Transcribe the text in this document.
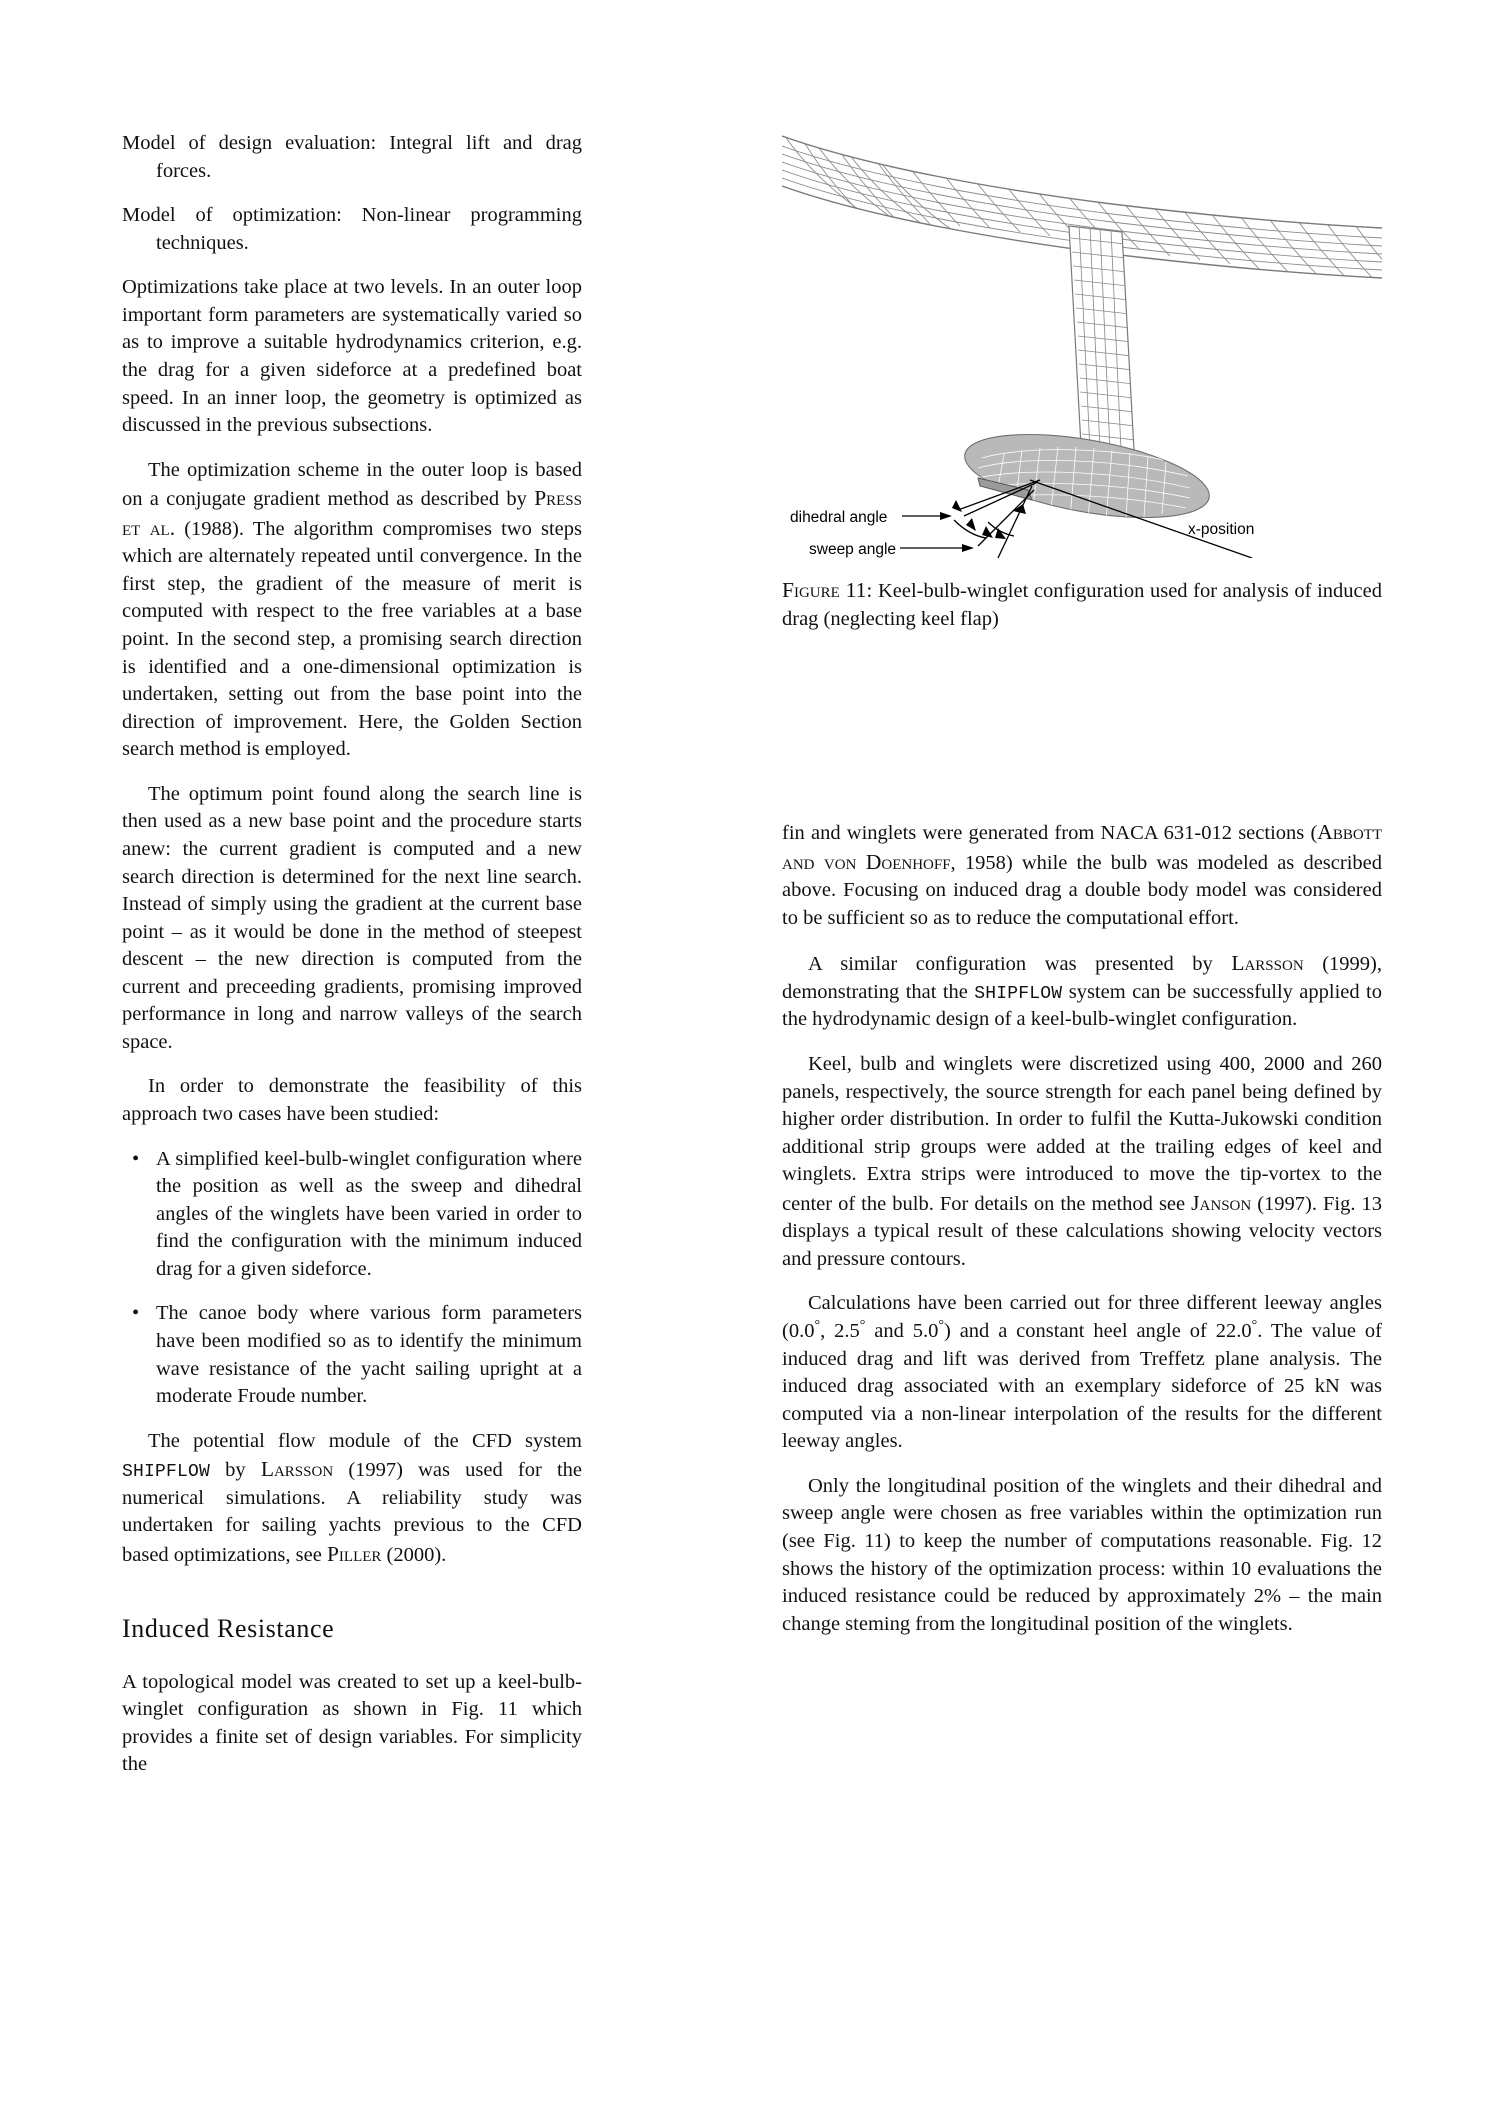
Model of design evaluation: Integral lift and drag forces.
Model of optimization: Non-linear programming techniques.

Optimizations take place at two levels. In an outer loop important form parameters are systematically varied so as to improve a suitable hydrodynamics criterion, e.g. the drag for a given sideforce at a predefined boat speed. In an inner loop, the geometry is optimized as discussed in the previous subsections.

The optimization scheme in the outer loop is based on a conjugate gradient method as described by Press et al. (1988). The algorithm compromises two steps which are alternately repeated until convergence. In the first step, the gradient of the measure of merit is computed with respect to the free variables at a base point. In the second step, a promising search direction is identified and a one-dimensional optimization is undertaken, setting out from the base point into the direction of improvement. Here, the Golden Section search method is employed.

The optimum point found along the search line is then used as a new base point and the procedure starts anew: the current gradient is computed and a new search direction is determined for the next line search. Instead of simply using the gradient at the current base point – as it would be done in the method of steepest descent – the new direction is computed from the current and preceeding gradients, promising improved performance in long and narrow valleys of the search space.

In order to demonstrate the feasibility of this approach two cases have been studied:

• A simplified keel-bulb-winglet configuration where the position as well as the sweep and dihedral angles of the winglets have been varied in order to find the configuration with the minimum induced drag for a given sideforce.
• The canoe body where various form parameters have been modified so as to identify the minimum wave resistance of the yacht sailing upright at a moderate Froude number.

The potential flow module of the CFD system SHIPFLOW by Larsson (1997) was used for the numerical simulations. A reliability study was undertaken for sailing yachts previous to the CFD based optimizations, see Piller (2000).

Induced Resistance

A topological model was created to set up a keel-bulb-winglet configuration as shown in Fig. 11 which provides a finite set of design variables. For simplicity the

dihedral angle
sweep angle
x-position
Figure 11: Keel-bulb-winglet configuration used for analysis of induced drag (neglecting keel flap)

fin and winglets were generated from NACA 631-012 sections (Abbott and von Doenhoff, 1958) while the bulb was modeled as described above. Focusing on induced drag a double body model was considered to be sufficient so as to reduce the computational effort.

A similar configuration was presented by Larsson (1999), demonstrating that the SHIPFLOW system can be successfully applied to the hydrodynamic design of a keel-bulb-winglet configuration.

Keel, bulb and winglets were discretized using 400, 2000 and 260 panels, respectively, the source strength for each panel being defined by higher order distribution. In order to fulfil the Kutta-Jukowski condition additional strip groups were added at the trailing edges of keel and winglets. Extra strips were introduced to move the tip-vortex to the center of the bulb. For details on the method see Janson (1997). Fig. 13 displays a typical result of these calculations showing velocity vectors and pressure contours.

Calculations have been carried out for three different leeway angles (0.0°, 2.5° and 5.0°) and a constant heel angle of 22.0°. The value of induced drag and lift was derived from Treffetz plane analysis. The induced drag associated with an exemplary sideforce of 25 kN was computed via a non-linear interpolation of the results for the different leeway angles.

Only the longitudinal position of the winglets and their dihedral and sweep angle were chosen as free variables within the optimization run (see Fig. 11) to keep the number of computations reasonable. Fig. 12 shows the history of the optimization process: within 10 evaluations the induced resistance could be reduced by approximately 2% – the main change steming from the longitudinal position of the winglets.
